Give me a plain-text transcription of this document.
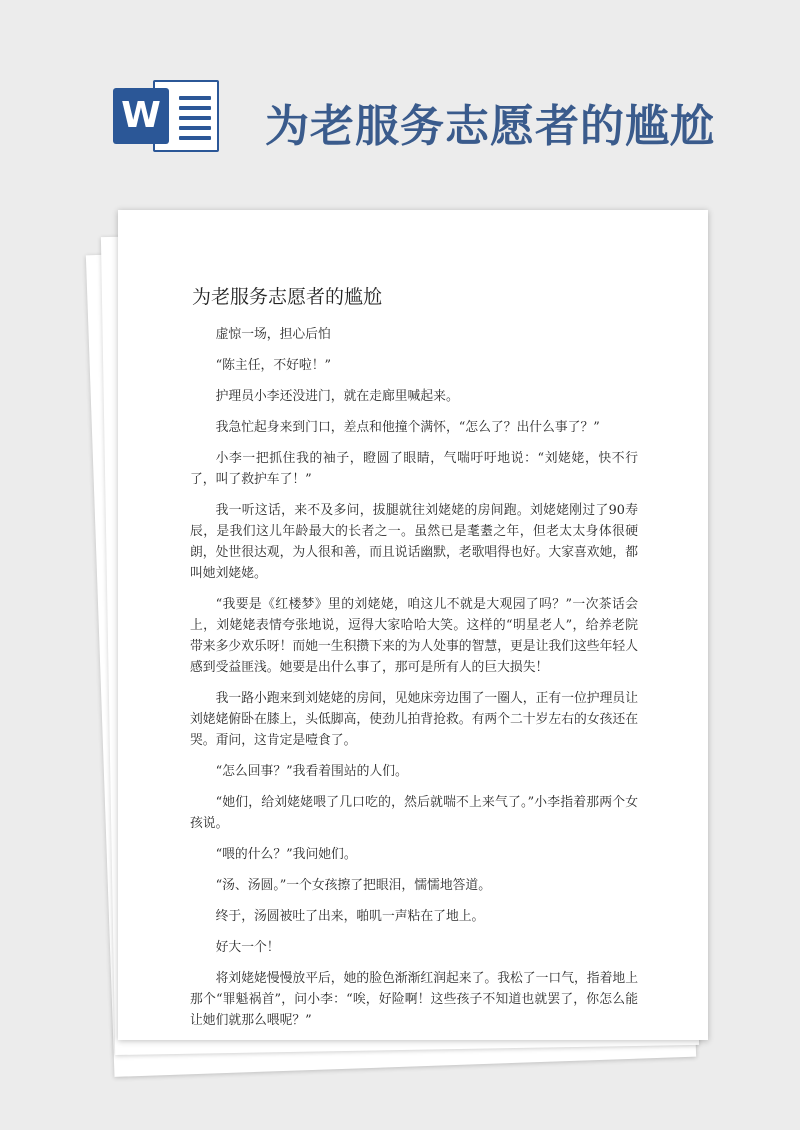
W 为老服务志愿者的尴尬
为老服务志愿者的尴尬

虚惊一场，担心后怕

“陈主任，不好啦！”

护理员小李还没进门，就在走廊里喊起来。

我急忙起身来到门口，差点和他撞个满怀，“怎么了？出什么事了？”

小李一把抓住我的袖子，瞪圆了眼睛，气喘吁吁地说：“刘姥姥，快不行了，叫了救护车了！”

我一听这话，来不及多问，拔腿就往刘姥姥的房间跑。刘姥姥刚过了90寿辰，是我们这儿年龄最大的长者之一。虽然已是耄耋之年，但老太太身体很硬朗，处世很达观，为人很和善，而且说话幽默，老歌唱得也好。大家喜欢她，都叫她刘姥姥。

“我要是《红楼梦》里的刘姥姥，咱这儿不就是大观园了吗？”一次茶话会上，刘姥姥表情夸张地说，逗得大家哈哈大笑。这样的“明星老人”，给养老院带来多少欢乐呀！而她一生积攒下来的为人处事的智慧，更是让我们这些年轻人感到受益匪浅。她要是出什么事了，那可是所有人的巨大损失！

我一路小跑来到刘姥姥的房间，见她床旁边围了一圈人，正有一位护理员让刘姥姥俯卧在膝上，头低脚高，使劲儿拍背抢救。有两个二十岁左右的女孩还在哭。甭问，这肯定是噎食了。

“怎么回事？”我看着围站的人们。

“她们，给刘姥姥喂了几口吃的，然后就喘不上来气了。”小李指着那两个女孩说。

“喂的什么？”我问她们。

“汤、汤圆。”一个女孩擦了把眼泪，懦懦地答道。

终于，汤圆被吐了出来，啪叽一声粘在了地上。

好大一个！

将刘姥姥慢慢放平后，她的脸色渐渐红润起来了。我松了一口气，指着地上那个“罪魁祸首”，问小李：“唉，好险啊！这些孩子不知道也就罢了，你怎么能让她们就那么喂呢？”
